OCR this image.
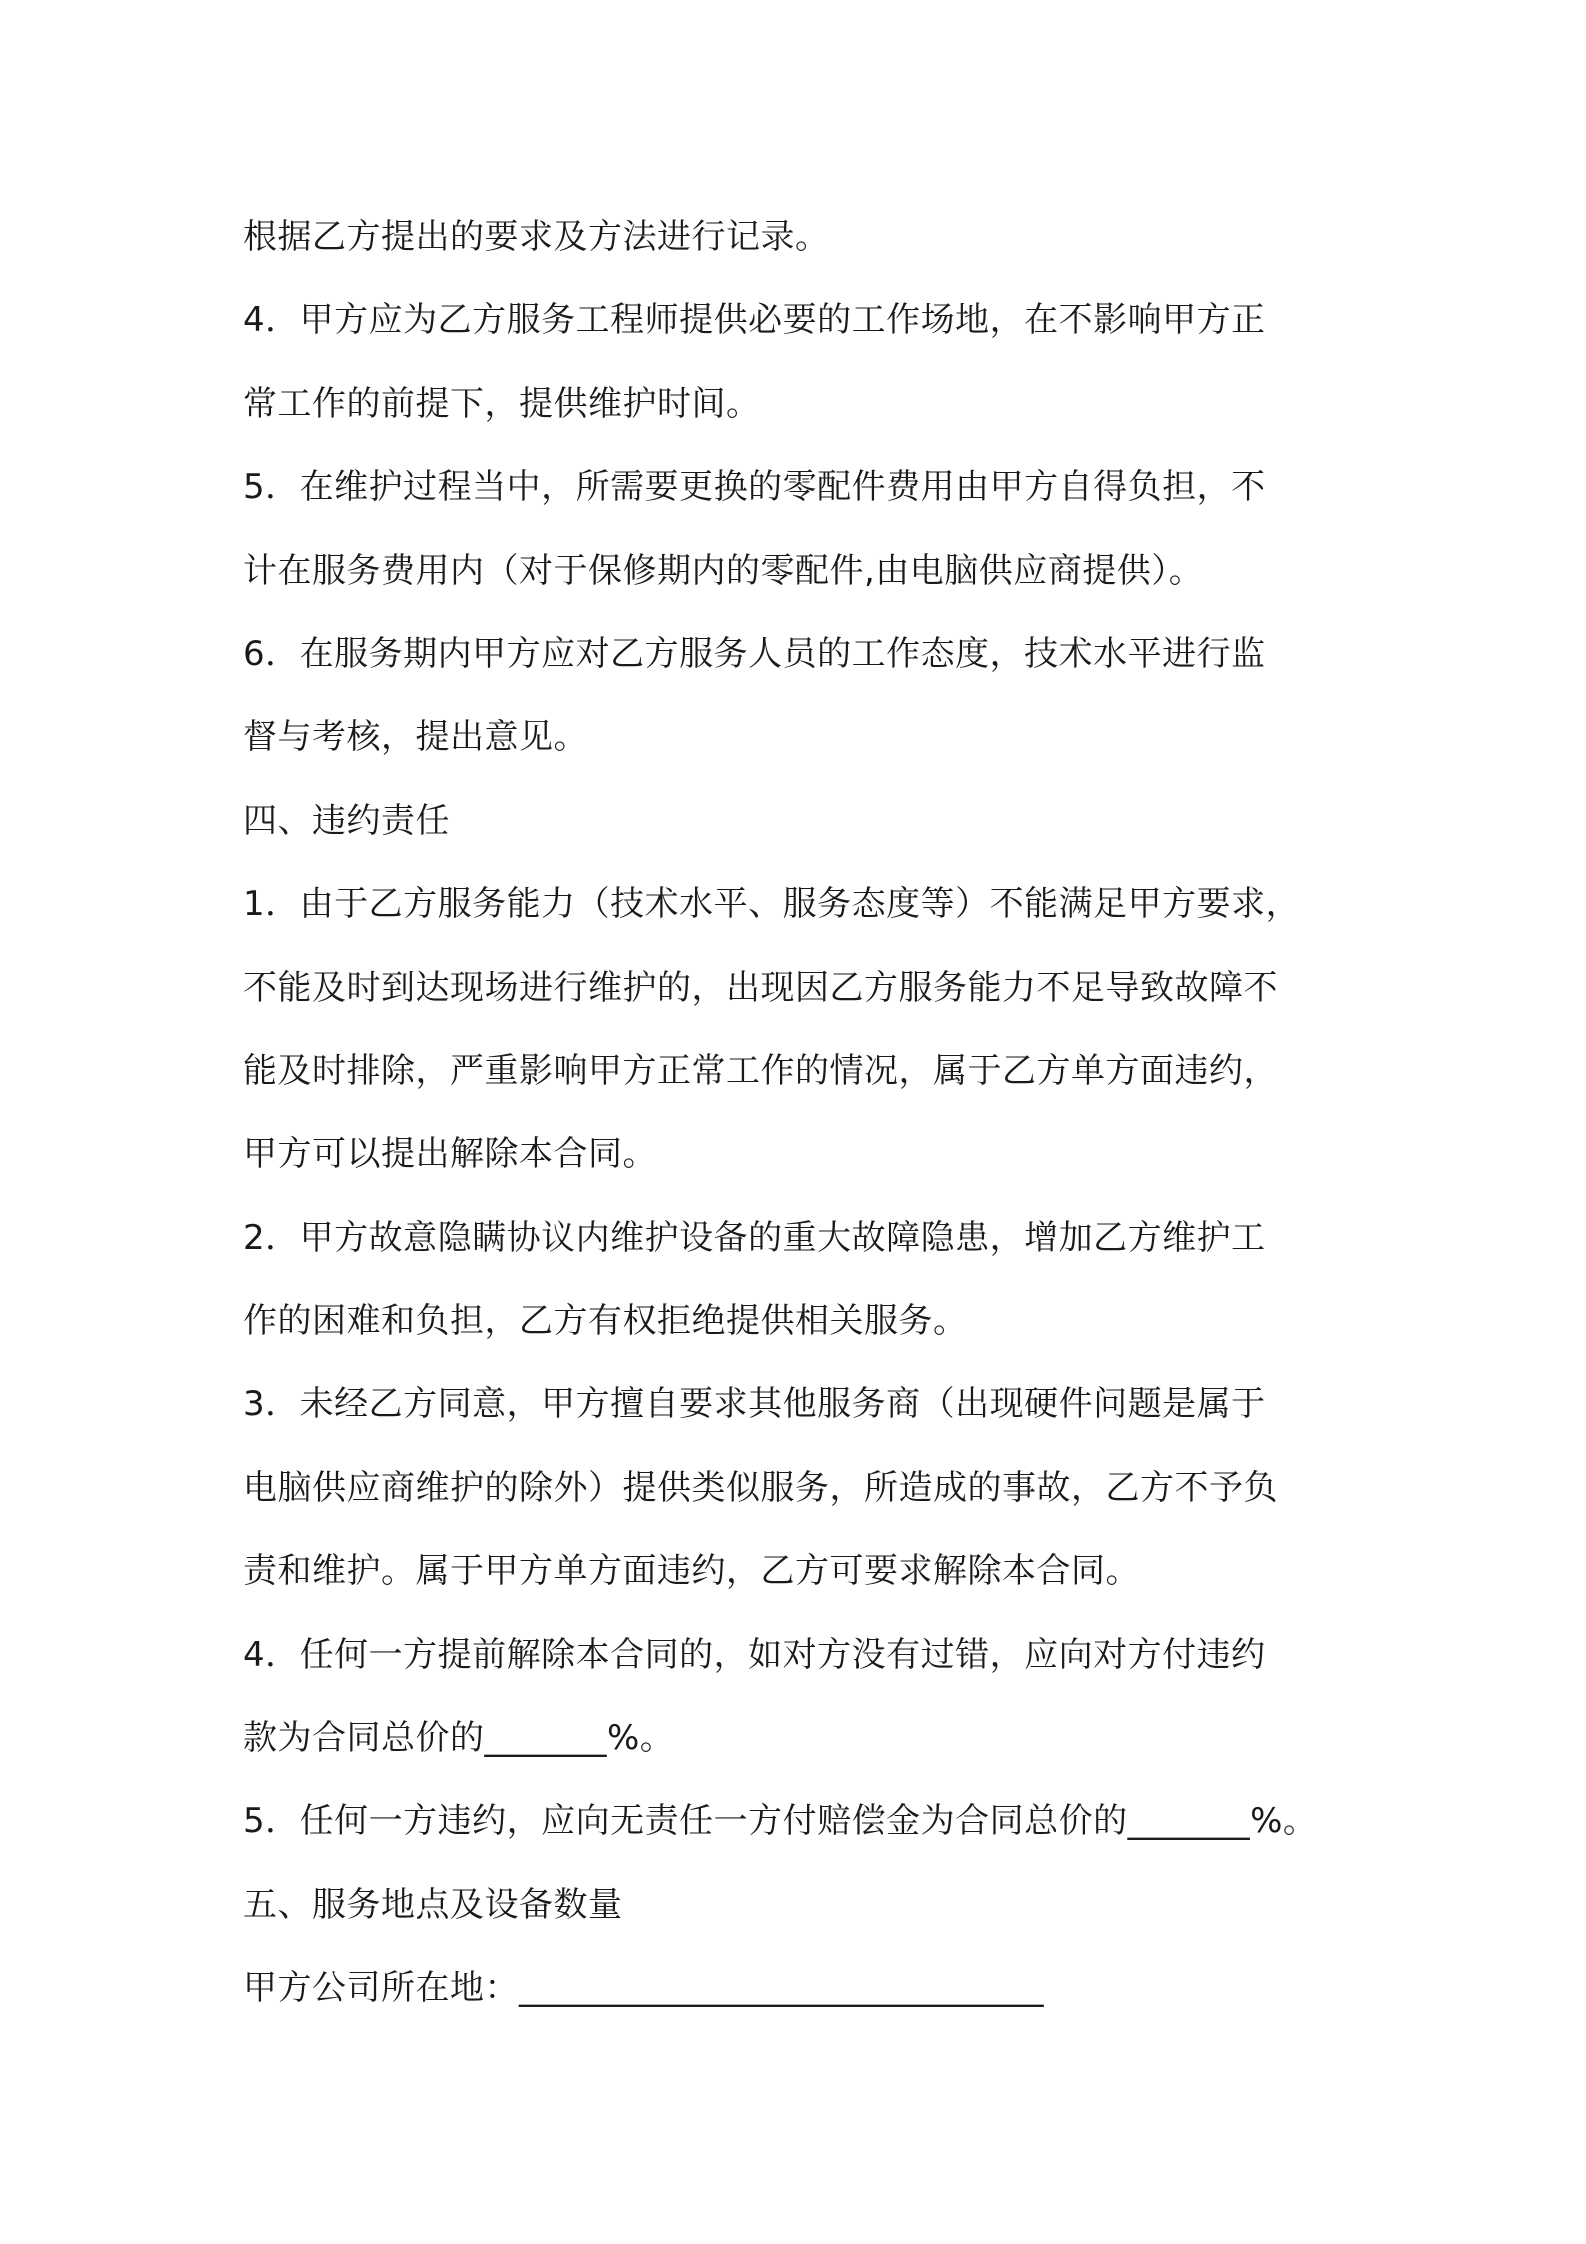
根据乙方提出的要求及方法进行记录。

4．甲方应为乙方服务工程师提供必要的工作场地，在不影响甲方正

常工作的前提下，提供维护时间。

5．在维护过程当中，所需要更换的零配件费用由甲方自得负担，不

计在服务费用内（对于保修期内的零配件,由电脑供应商提供）。

6．在服务期内甲方应对乙方服务人员的工作态度，技术水平进行监

督与考核，提出意见。

四、违约责任

1．由于乙方服务能力（技术水平、服务态度等）不能满足甲方要求，

不能及时到达现场进行维护的，出现因乙方服务能力不足导致故障不

能及时排除，严重影响甲方正常工作的情况，属于乙方单方面违约，

甲方可以提出解除本合同。

2．甲方故意隐瞒协议内维护设备的重大故障隐患，增加乙方维护工

作的困难和负担，乙方有权拒绝提供相关服务。

3．未经乙方同意，甲方擅自要求其他服务商（出现硬件问题是属于

电脑供应商维护的除外）提供类似服务，所造成的事故，乙方不予负

责和维护。属于甲方单方面违约，乙方可要求解除本合同。

4．任何一方提前解除本合同的，如对方没有过错，应向对方付违约

款为合同总价的_______%。

5．任何一方违约，应向无责任一方付赔偿金为合同总价的_______%。

五、服务地点及设备数量

甲方公司所在地：______________________________
